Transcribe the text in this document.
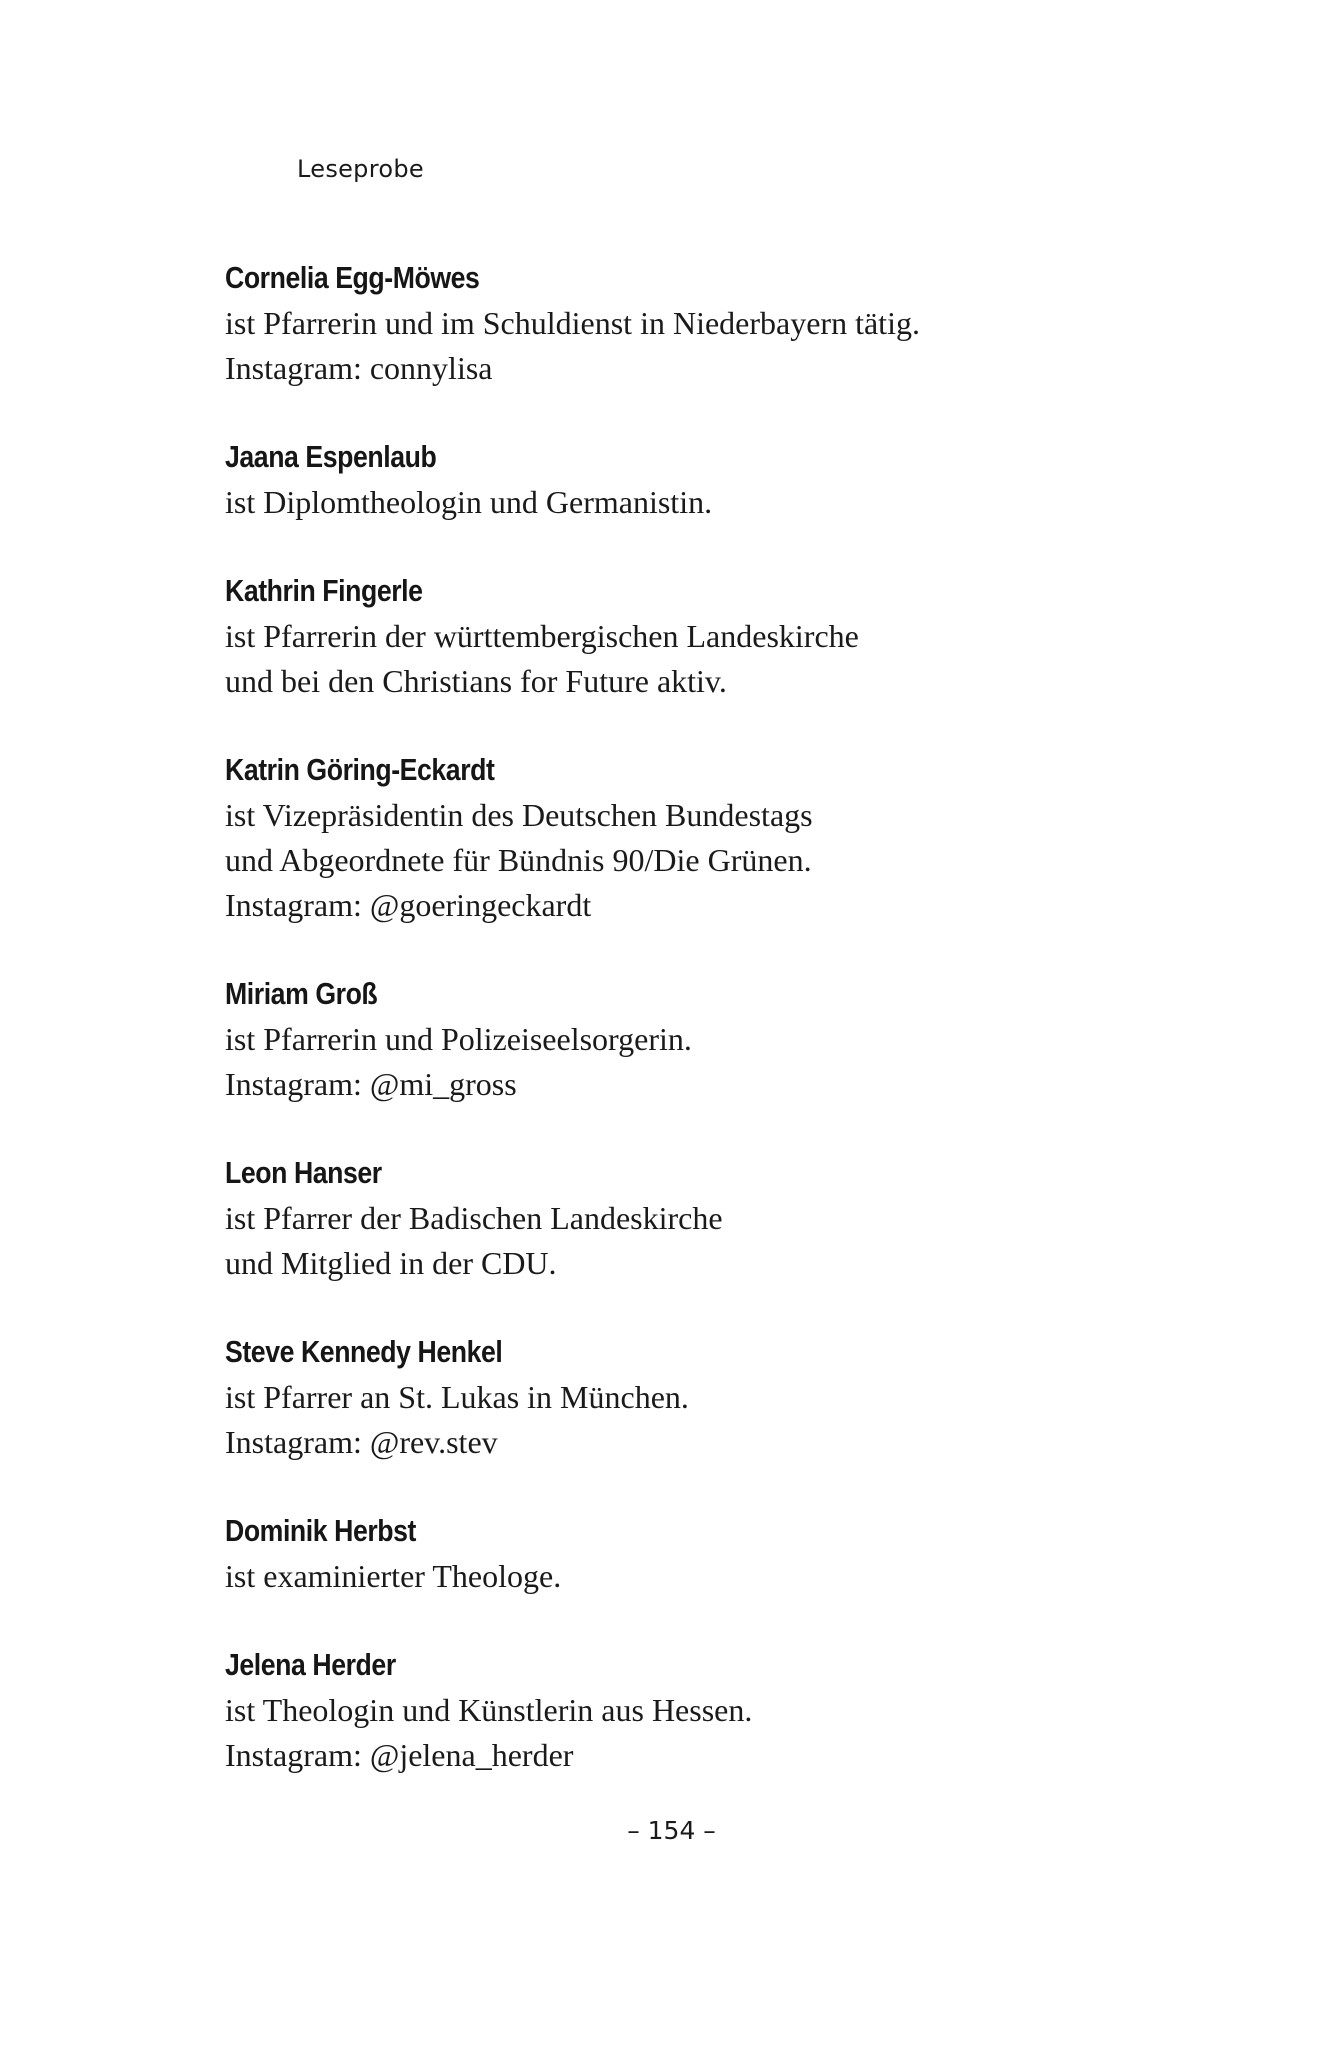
Leseprobe
Cornelia Egg-Möwes
ist Pfarrerin und im Schuldienst in Niederbayern tätig.
Instagram: connylisa
Jaana Espenlaub
ist Diplomtheologin und Germanistin.
Kathrin Fingerle
ist Pfarrerin der württembergischen Landeskirche
und bei den Christians for Future aktiv.
Katrin Göring-Eckardt
ist Vizepräsidentin des Deutschen Bundestags
und Abgeordnete für Bündnis 90/Die Grünen.
Instagram: @goeringeckardt
Miriam Groß
ist Pfarrerin und Polizeiseelsorgerin.
Instagram: @mi_gross
Leon Hanser
ist Pfarrer der Badischen Landeskirche
und Mitglied in der CDU.
Steve Kennedy Henkel
ist Pfarrer an St. Lukas in München.
Instagram: @rev.stev
Dominik Herbst
ist examinierter Theologe.
Jelena Herder
ist Theologin und Künstlerin aus Hessen.
Instagram: @jelena_herder
– 154 –
